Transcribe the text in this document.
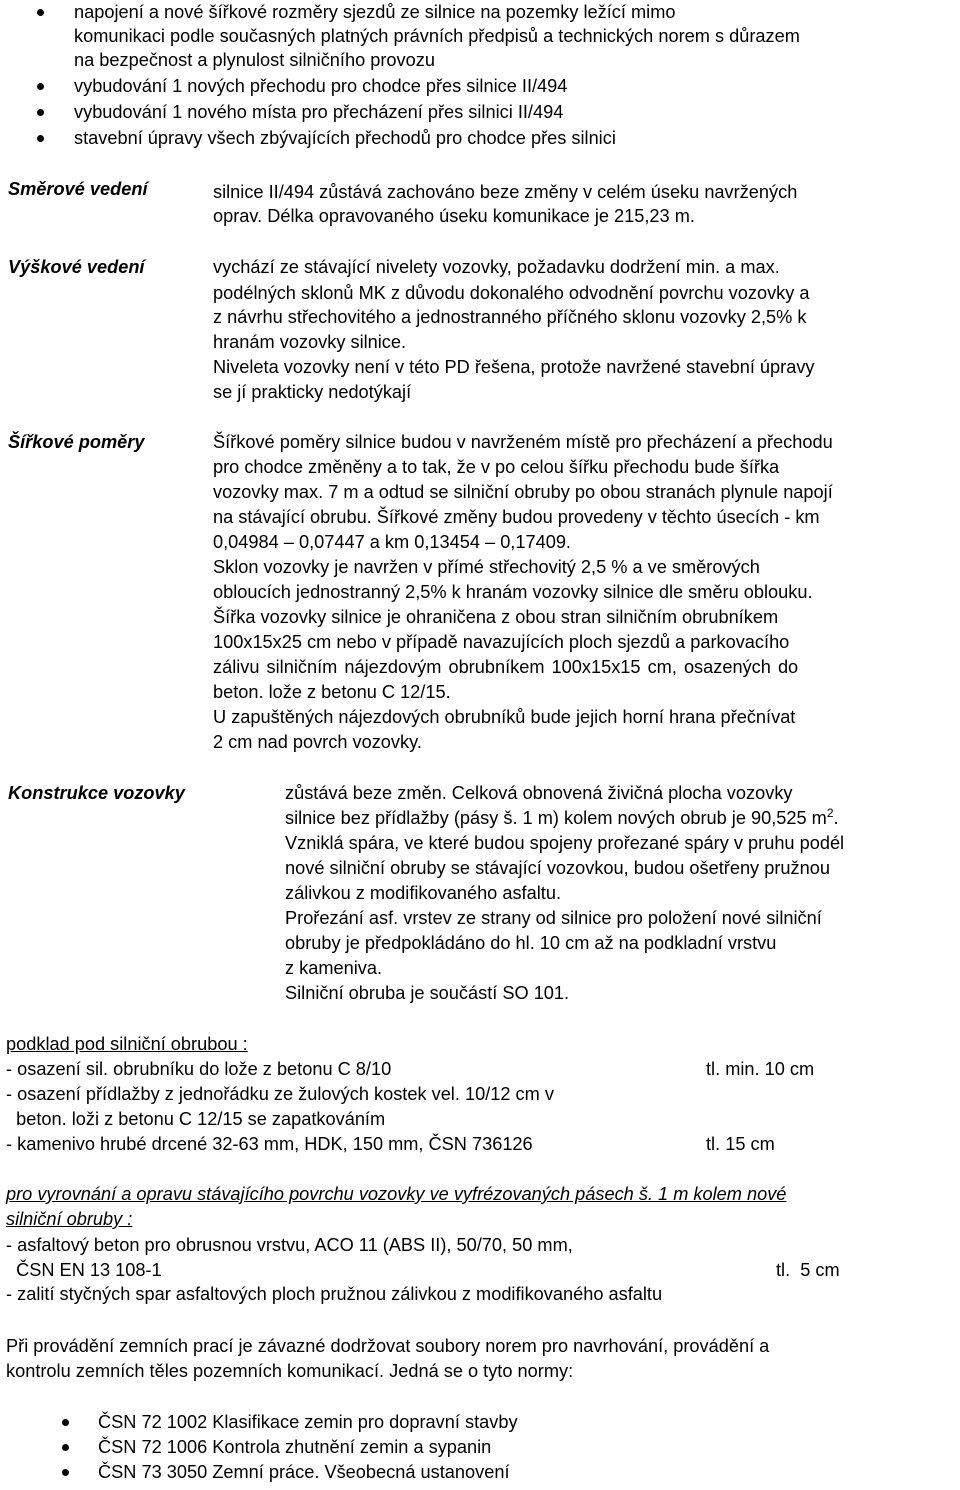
napojení a nové šířkové rozměry sjezdů ze silnice na pozemky ležící mimo
komunikaci podle současných platných právních předpisů a technických norem s důrazem
na bezpečnost a plynulost silničního provozu
vybudování 1 nových přechodu pro chodce přes silnice II/494
vybudování 1 nového místa pro přecházení přes silnici II/494
stavební úpravy všech zbývajících přechodů pro chodce přes silnici
Směrové vedení	silnice II/494 zůstává zachováno beze změny v celém úseku navržených
oprav. Délka opravovaného úseku komunikace je 215,23 m.
Výškové vedení	vychází ze stávající nivelety vozovky, požadavku dodržení min. a max.
podélných sklonů MK z důvodu dokonalého odvodnění povrchu vozovky a
z návrhu střechovitého a jednostranného příčného sklonu vozovky 2,5% k
hranám vozovky silnice.
Niveleta vozovky není v této PD řešena, protože navržené stavební úpravy
se jí prakticky nedotýkají
Šířkové poměry	Šířkové poměry silnice budou v navrženém místě pro přecházení a přechodu
pro chodce změněny a to tak, že v po celou šířku přechodu bude šířka
vozovky max. 7 m a odtud se silniční obruby po obou stranách plynule napojí
na stávající obrubu. Šířkové změny budou provedeny v těchto úsecích - km
0,04984 – 0,07447 a km 0,13454 – 0,17409.
Sklon vozovky je navržen v přímé střechovitý 2,5 % a ve směrových
obloucích jednostranný 2,5% k hranám vozovky silnice dle směru oblouku.
Šířka vozovky silnice je ohraničena z obou stran silničním obrubníkem
100x15x25 cm nebo v případě navazujících ploch sjezdů a parkovacího
zálivu silničním nájezdovým obrubníkem 100x15x15 cm, osazených do
beton. lože z betonu C 12/15.
U zapuštěných nájezdových obrubníků bude jejich horní hrana přečnívat
2 cm nad povrch vozovky.
Konstrukce vozovky	zůstává beze změn. Celková obnovená živičná plocha vozovky
silnice bez přídlažby (pásy š. 1 m) kolem nových obrub je 90,525 $m^2$.
Vzniklá spára, ve které budou spojeny prořezané spáry v pruhu podél
nové silniční obruby se stávající vozovkou, budou ošetřeny pružnou
zálivkou z modifikovaného asfaltu.
Prořezání asf. vrstev ze strany od silnice pro položení nové silniční
obruby je předpokládáno do hl. 10 cm až na podkladní vrstvu
z kameniva.
Silniční obruba je součástí SO 101.
podklad pod silniční obrubou :
- osazení sil. obrubníku do lože z betonu C 8/10	tl. min. 10 cm
- osazení přídlažby z jednořádku ze žulových kostek vel. 10/12 cm v
beton. loži z betonu C 12/15 se zapatkováním
- kamenivo hrubé drcené 32-63 mm, HDK, 150 mm, ČSN 736126	tl. 15 cm
pro vyrovnání a opravu stávajícího povrchu vozovky ve vyfrézovaných pásech š. 1 m kolem nové
silniční obruby :
- asfaltový beton pro obrusnou vrstvu, ACO 11 (ABS II), 50/70, 50 mm,
ČSN EN 13 108-1	tl.  5 cm
- zalití styčných spar asfaltových ploch pružnou zálivkou z modifikovaného asfaltu
Při provádění zemních prací je závazné dodržovat soubory norem pro navrhování, provádění a
kontrolu zemních těles pozemních komunikací. Jedná se o tyto normy:
ČSN 72 1002 Klasifikace zemin pro dopravní stavby
ČSN 72 1006 Kontrola zhutnění zemin a sypanin
ČSN 73 3050 Zemní práce. Všeobecná ustanovení
